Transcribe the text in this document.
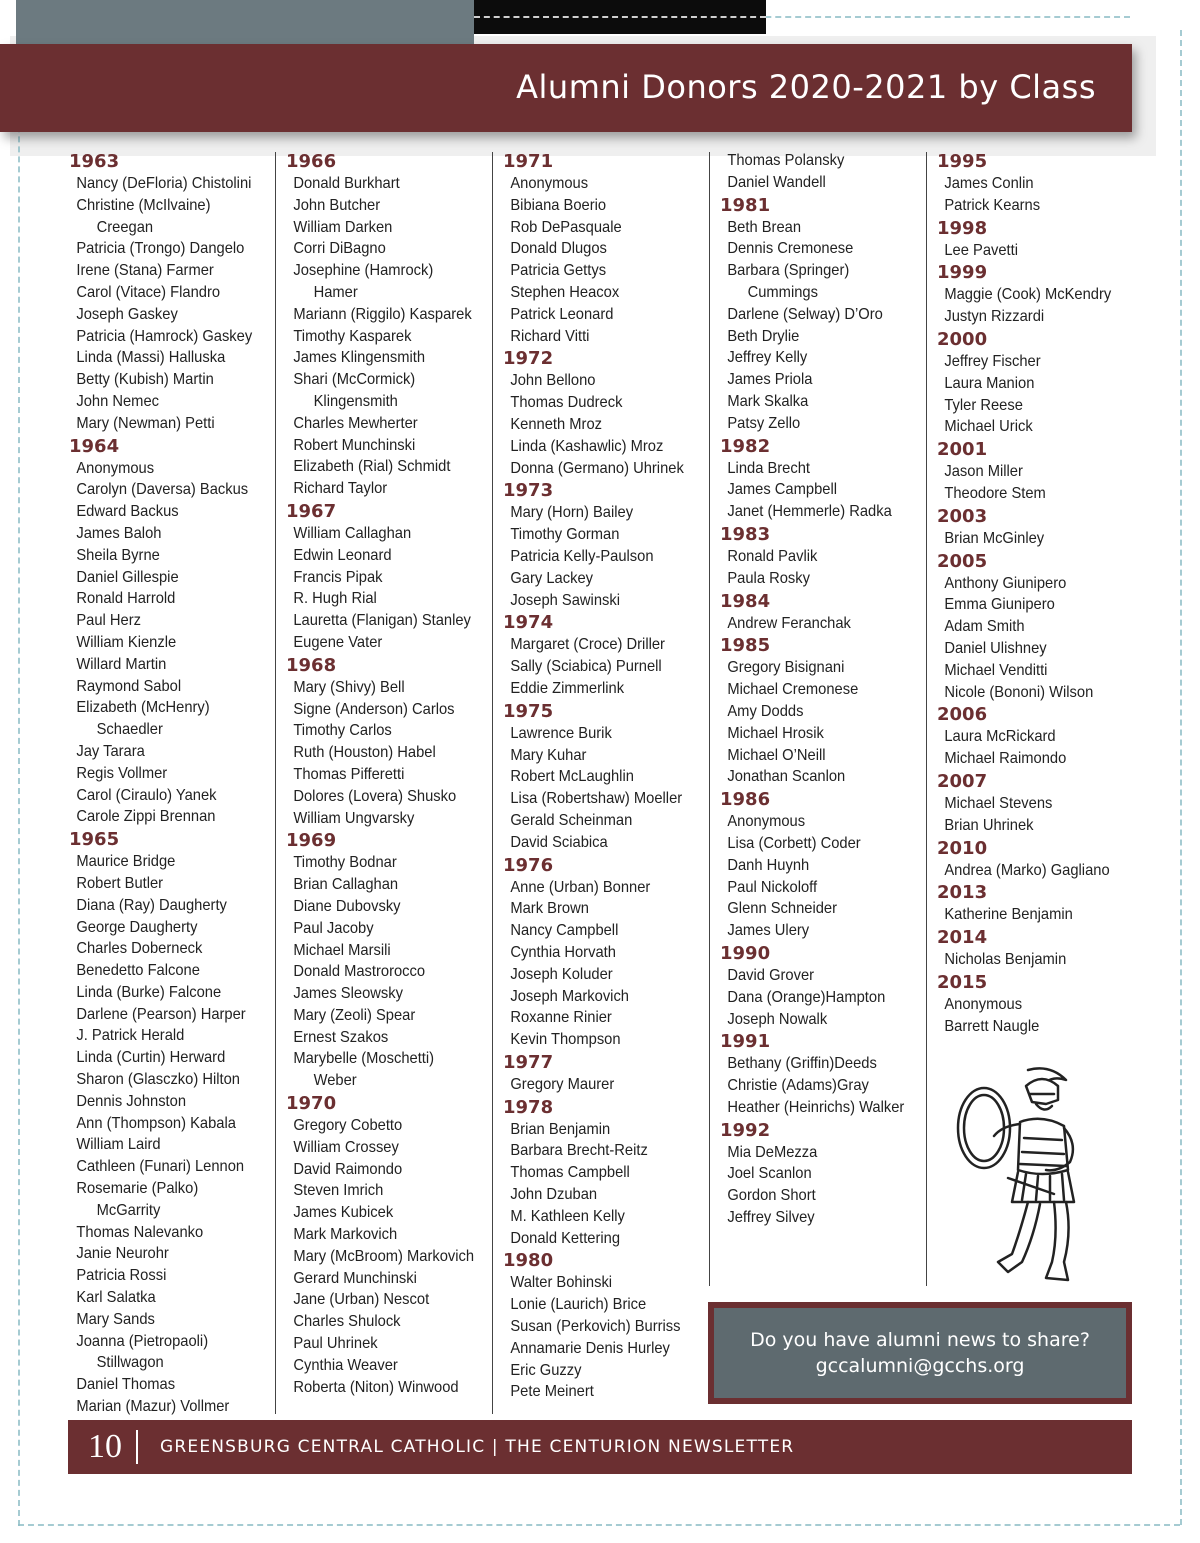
Alumni Donors 2020-2021 by Class
1963
Nancy (DeFloria) Chistolini
Christine (McIlvaine)
Creegan
Patricia (Trongo) Dangelo
Irene (Stana) Farmer
Carol (Vitace) Flandro
Joseph Gaskey
Patricia (Hamrock) Gaskey
Linda (Massi) Halluska
Betty (Kubish) Martin
John Nemec
Mary (Newman) Petti
1964
Anonymous
Carolyn (Daversa) Backus
Edward Backus
James Baloh
Sheila Byrne
Daniel Gillespie
Ronald Harrold
Paul Herz
William Kienzle
Willard Martin
Raymond Sabol
Elizabeth (McHenry)
Schaedler
Jay Tarara
Regis Vollmer
Carol (Ciraulo) Yanek
Carole Zippi Brennan
1965
Maurice Bridge
Robert Butler
Diana (Ray) Daugherty
George Daugherty
Charles Doberneck
Benedetto Falcone
Linda (Burke) Falcone
Darlene (Pearson) Harper
J. Patrick Herald
Linda (Curtin) Herward
Sharon (Glasczko) Hilton
Dennis Johnston
Ann (Thompson) Kabala
William Laird
Cathleen (Funari) Lennon
Rosemarie (Palko)
McGarrity
Thomas Nalevanko
Janie Neurohr
Patricia Rossi
Karl Salatka
Mary Sands
Joanna (Pietropaoli)
Stillwagon
Daniel Thomas
Marian (Mazur) Vollmer
1966
Donald Burkhart
John Butcher
William Darken
Corri DiBagno
Josephine (Hamrock)
Hamer
Mariann (Riggilo) Kasparek
Timothy Kasparek
James Klingensmith
Shari (McCormick)
Klingensmith
Charles Mewherter
Robert Munchinski
Elizabeth (Rial) Schmidt
Richard Taylor
1967
William Callaghan
Edwin Leonard
Francis Pipak
R. Hugh Rial
Lauretta (Flanigan) Stanley
Eugene Vater
1968
Mary (Shivy) Bell
Signe (Anderson) Carlos
Timothy Carlos
Ruth (Houston) Habel
Thomas Pifferetti
Dolores (Lovera) Shusko
William Ungvarsky
1969
Timothy Bodnar
Brian Callaghan
Diane Dubovsky
Paul Jacoby
Michael Marsili
Donald Mastrorocco
James Sleowsky
Mary (Zeoli) Spear
Ernest Szakos
Marybelle (Moschetti)
Weber
1970
Gregory Cobetto
William Crossey
David Raimondo
Steven Imrich
James Kubicek
Mark Markovich
Mary (McBroom) Markovich
Gerard Munchinski
Jane (Urban) Nescot
Charles Shulock
Paul Uhrinek
Cynthia Weaver
Roberta (Niton) Winwood
1971
Anonymous
Bibiana Boerio
Rob DePasquale
Donald Dlugos
Patricia Gettys
Stephen Heacox
Patrick Leonard
Richard Vitti
1972
John Bellono
Thomas Dudreck
Kenneth Mroz
Linda (Kashawlic) Mroz
Donna (Germano) Uhrinek
1973
Mary (Horn) Bailey
Timothy Gorman
Patricia Kelly-Paulson
Gary Lackey
Joseph Sawinski
1974
Margaret (Croce) Driller
Sally (Sciabica) Purnell
Eddie Zimmerlink
1975
Lawrence Burik
Mary Kuhar
Robert McLaughlin
Lisa (Robertshaw) Moeller
Gerald Scheinman
David Sciabica
1976
Anne (Urban) Bonner
Mark Brown
Nancy Campbell
Cynthia Horvath
Joseph Koluder
Joseph Markovich
Roxanne Rinier
Kevin Thompson
1977
Gregory Maurer
1978
Brian Benjamin
Barbara Brecht-Reitz
Thomas Campbell
John Dzuban
M. Kathleen Kelly
Donald Kettering
1980
Walter Bohinski
Lonie (Laurich) Brice
Susan (Perkovich) Burriss
Annamarie Denis Hurley
Eric Guzzy
Pete Meinert
Thomas Polansky
Daniel Wandell
1981
Beth Brean
Dennis Cremonese
Barbara (Springer)
Cummings
Darlene (Selway) D’Oro
Beth Drylie
Jeffrey Kelly
James Priola
Mark Skalka
Patsy Zello
1982
Linda Brecht
James Campbell
Janet (Hemmerle) Radka
1983
Ronald Pavlik
Paula Rosky
1984
Andrew Feranchak
1985
Gregory Bisignani
Michael Cremonese
Amy Dodds
Michael Hrosik
Michael O’Neill
Jonathan Scanlon
1986
Anonymous
Lisa (Corbett) Coder
Danh Huynh
Paul Nickoloff
Glenn Schneider
James Ulery
1990
David Grover
Dana (Orange)Hampton
Joseph Nowalk
1991
Bethany (Griffin)Deeds
Christie (Adams)Gray
Heather (Heinrichs) Walker
1992
Mia DeMezza
Joel Scanlon
Gordon Short
Jeffrey Silvey
1995
James Conlin
Patrick Kearns
1998
Lee Pavetti
1999
Maggie (Cook) McKendry
Justyn Rizzardi
2000
Jeffrey Fischer
Laura Manion
Tyler Reese
Michael Urick
2001
Jason Miller
Theodore Stem
2003
Brian McGinley
2005
Anthony Giunipero
Emma Giunipero
Adam Smith
Daniel Ulishney
Michael Venditti
Nicole (Bononi) Wilson
2006
Laura McRickard
Michael Raimondo
2007
Michael Stevens
Brian Uhrinek
2010
Andrea (Marko) Gagliano
2013
Katherine Benjamin
2014
Nicholas Benjamin
2015
Anonymous
Barrett Naugle
Do you have alumni news to share?
gccalumni@gcchs.org
10 GREENSBURG CENTRAL CATHOLIC | THE CENTURION NEWSLETTER
